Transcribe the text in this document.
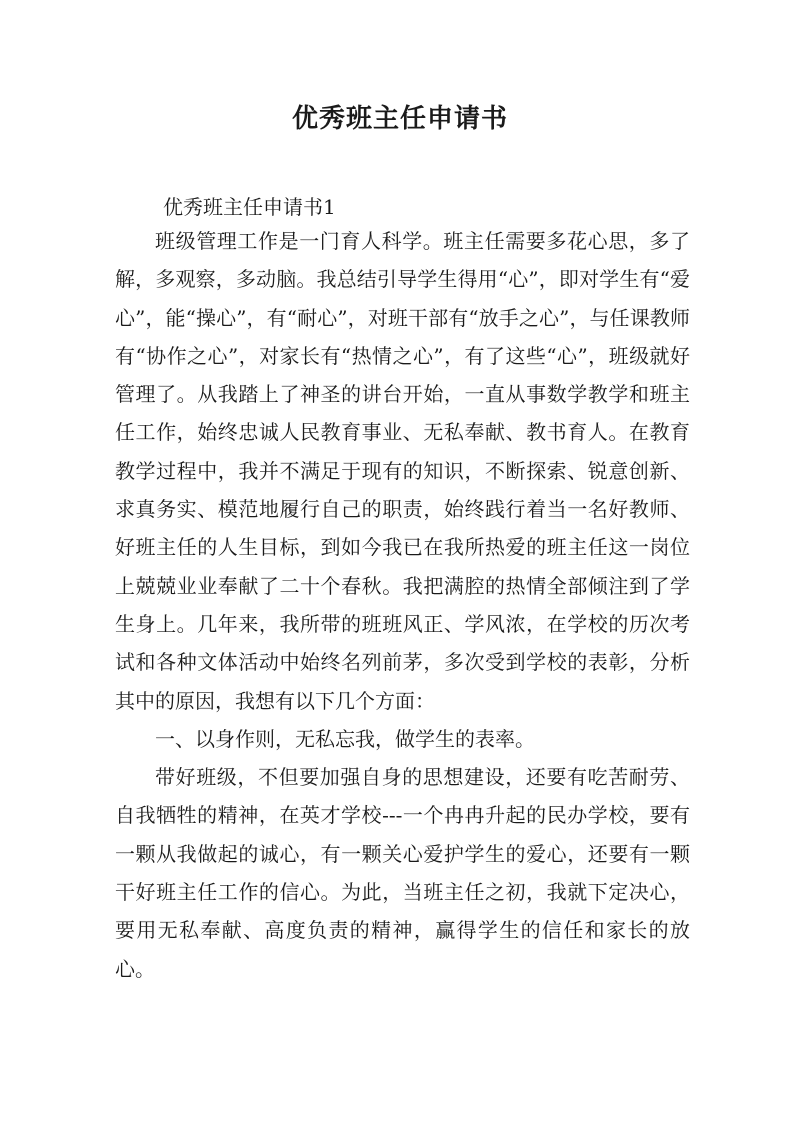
优秀班主任申请书
优秀班主任申请书1

班级管理工作是一门育人科学。班主任需要多花心思，多了解，多观察，多动脑。我总结引导学生得用“心”，即对学生有“爱心”，能“操心”，有“耐心”，对班干部有“放手之心”，与任课教师有“协作之心”，对家长有“热情之心”，有了这些“心”，班级就好管理了。从我踏上了神圣的讲台开始，一直从事数学教学和班主任工作，始终忠诚人民教育事业、无私奉献、教书育人。在教育教学过程中，我并不满足于现有的知识，不断探索、锐意创新、求真务实、模范地履行自己的职责，始终践行着当一名好教师、好班主任的人生目标，到如今我已在我所热爱的班主任这一岗位上兢兢业业奉献了二十个春秋。我把满腔的热情全部倾注到了学生身上。几年来，我所带的班班风正、学风浓，在学校的历次考试和各种文体活动中始终名列前茅，多次受到学校的表彰，分析其中的原因，我想有以下几个方面：

一、以身作则，无私忘我，做学生的表率。

带好班级，不但要加强自身的思想建设，还要有吃苦耐劳、自我牺牲的精神，在英才学校---一个冉冉升起的民办学校，要有一颗从我做起的诚心，有一颗关心爱护学生的爱心，还要有一颗干好班主任工作的信心。为此，当班主任之初，我就下定决心，要用无私奉献、高度负责的精神，赢得学生的信任和家长的放心。
